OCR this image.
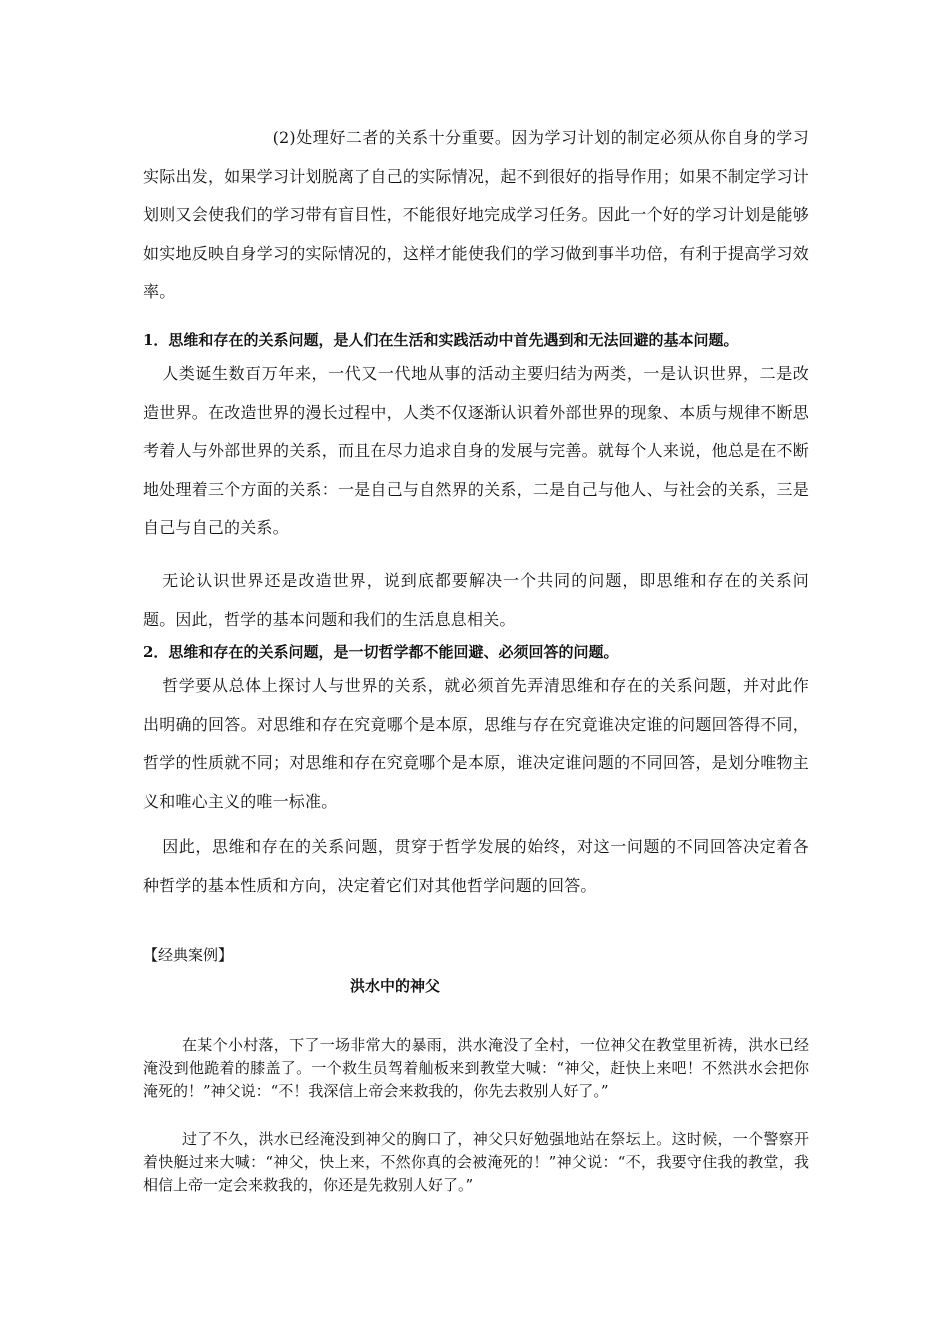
(2)处理好二者的关系十分重要。因为学习计划的制定必须从你自身的学习实际出发，如果学习计划脱离了自己的实际情况，起不到很好的指导作用；如果不制定学习计划则又会使我们的学习带有盲目性，不能很好地完成学习任务。因此一个好的学习计划是能够如实地反映自身学习的实际情况的，这样才能使我们的学习做到事半功倍，有利于提高学习效率。

1．思维和存在的关系问题，是人们在生活和实践活动中首先遇到和无法回避的基本问题。

人类诞生数百万年来，一代又一代地从事的活动主要归结为两类，一是认识世界，二是改造世界。在改造世界的漫长过程中，人类不仅逐渐认识着外部世界的现象、本质与规律不断思考着人与外部世界的关系，而且在尽力追求自身的发展与完善。就每个人来说，他总是在不断地处理着三个方面的关系：一是自己与自然界的关系，二是自己与他人、与社会的关系，三是自己与自己的关系。

无论认识世界还是改造世界，说到底都要解决一个共同的问题，即思维和存在的关系问题。因此，哲学的基本问题和我们的生活息息相关。

2．思维和存在的关系问题，是一切哲学都不能回避、必须回答的问题。

哲学要从总体上探讨人与世界的关系，就必须首先弄清思维和存在的关系问题，并对此作出明确的回答。对思维和存在究竟哪个是本原，思维与存在究竟谁决定谁的问题回答得不同，哲学的性质就不同；对思维和存在究竟哪个是本原，谁决定谁问题的不同回答，是划分唯物主义和唯心主义的唯一标准。

因此，思维和存在的关系问题，贯穿于哲学发展的始终，对这一问题的不同回答决定着各种哲学的基本性质和方向，决定着它们对其他哲学问题的回答。

【经典案例】

洪水中的神父

在某个小村落，下了一场非常大的暴雨，洪水淹没了全村，一位神父在教堂里祈祷，洪水已经淹没到他跪着的膝盖了。一个救生员驾着舢板来到教堂大喊：“神父，赶快上来吧！不然洪水会把你淹死的！”神父说：“不！我深信上帝会来救我的，你先去救别人好了。”

过了不久，洪水已经淹没到神父的胸口了，神父只好勉强地站在祭坛上。这时候，一个警察开着快艇过来大喊：“神父，快上来，不然你真的会被淹死的！”神父说：“不，我要守住我的教堂，我相信上帝一定会来救我的，你还是先救别人好了。”
